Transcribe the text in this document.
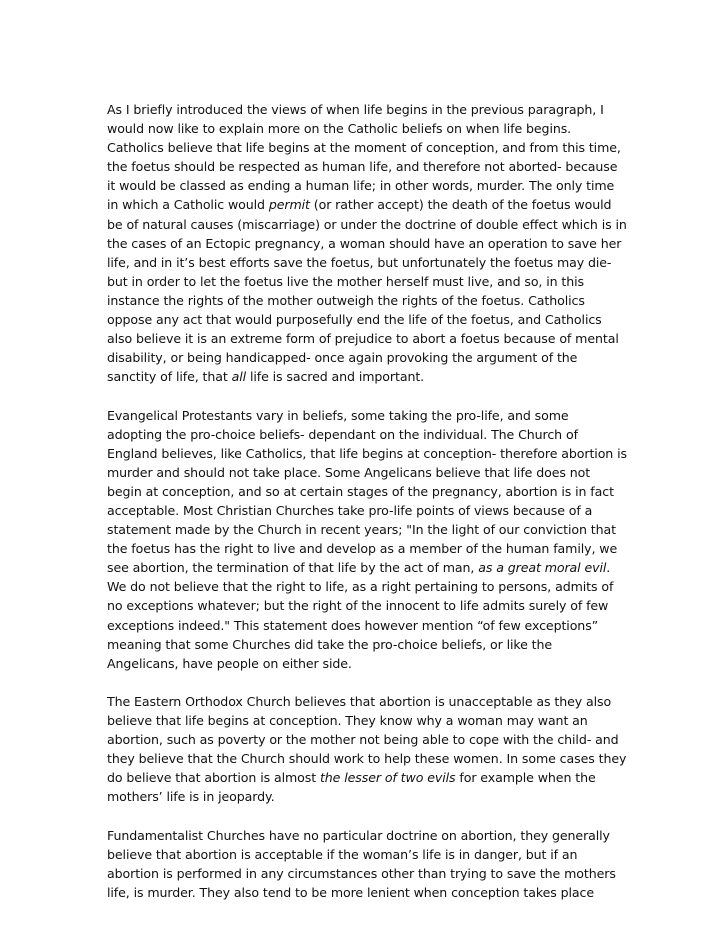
As I briefly introduced the views of when life begins in the previous paragraph, I would now like to explain more on the Catholic beliefs on when life begins. Catholics believe that life begins at the moment of conception, and from this time, the foetus should be respected as human life, and therefore not aborted- because it would be classed as ending a human life; in other words, murder. The only time in which a Catholic would permit (or rather accept) the death of the foetus would be of natural causes (miscarriage) or under the doctrine of double effect which is in the cases of an Ectopic pregnancy, a woman should have an operation to save her life, and in it’s best efforts save the foetus, but unfortunately the foetus may die- but in order to let the foetus live the mother herself must live, and so, in this instance the rights of the mother outweigh the rights of the foetus. Catholics oppose any act that would purposefully end the life of the foetus, and Catholics also believe it is an extreme form of prejudice to abort a foetus because of mental disability, or being handicapped- once again provoking the argument of the sanctity of life, that all life is sacred and important.

Evangelical Protestants vary in beliefs, some taking the pro-life, and some adopting the pro-choice beliefs- dependant on the individual. The Church of England believes, like Catholics, that life begins at conception- therefore abortion is murder and should not take place. Some Angelicans believe that life does not begin at conception, and so at certain stages of the pregnancy, abortion is in fact acceptable. Most Christian Churches take pro-life points of views because of a statement made by the Church in recent years; "In the light of our conviction that the foetus has the right to live and develop as a member of the human family, we see abortion, the termination of that life by the act of man, as a great moral evil. We do not believe that the right to life, as a right pertaining to persons, admits of no exceptions whatever; but the right of the innocent to life admits surely of few exceptions indeed." This statement does however mention “of few exceptions” meaning that some Churches did take the pro-choice beliefs, or like the Angelicans, have people on either side.

The Eastern Orthodox Church believes that abortion is unacceptable as they also believe that life begins at conception. They know why a woman may want an abortion, such as poverty or the mother not being able to cope with the child- and they believe that the Church should work to help these women. In some cases they do believe that abortion is almost the lesser of two evils for example when the mothers’ life is in jeopardy.

Fundamentalist Churches have no particular doctrine on abortion, they generally believe that abortion is acceptable if the woman’s life is in danger, but if an abortion is performed in any circumstances other than trying to save the mothers life, is murder. They also tend to be more lenient when conception takes place
